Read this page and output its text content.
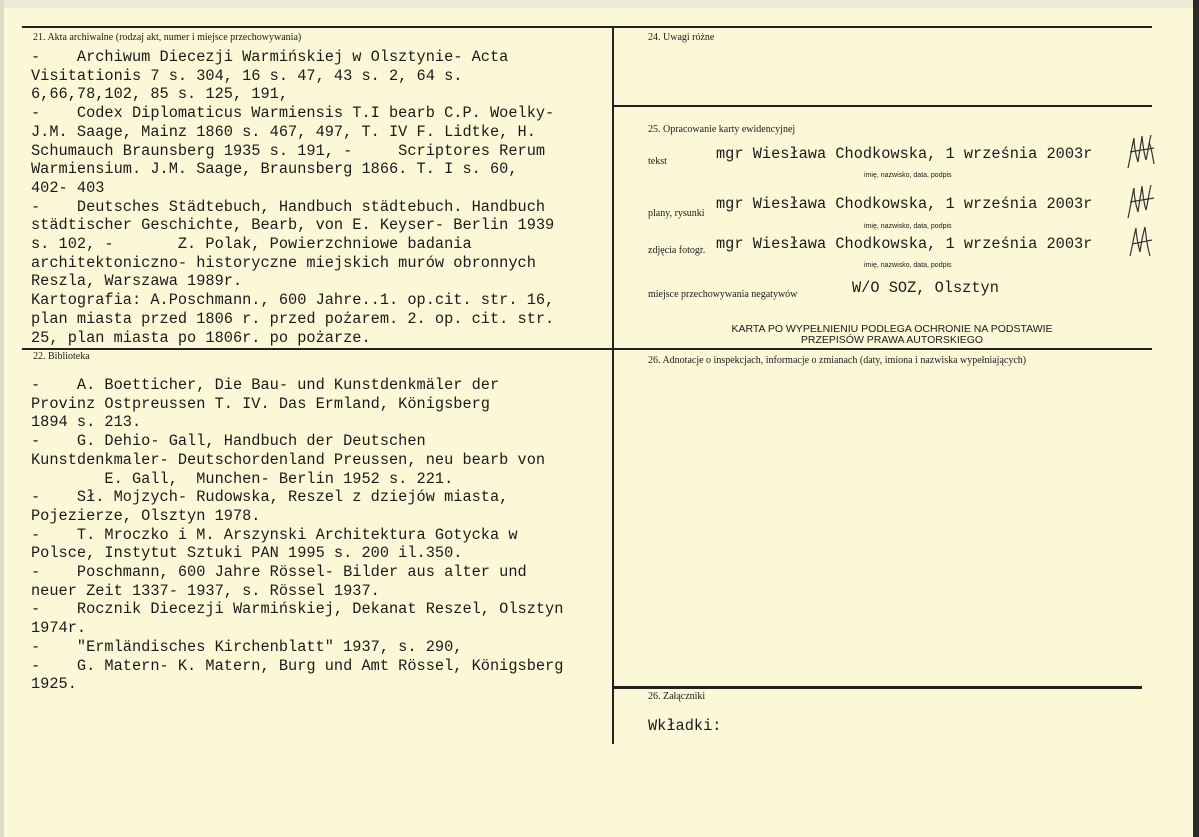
21. Akta archiwalne (rodzaj akt, numer i miejsce przechowywania)
-    Archiwum Diecezji Warmińskiej w Olsztynie- Acta
Visitationis 7 s. 304, 16 s. 47, 43 s. 2, 64 s.
6,66,78,102, 85 s. 125, 191,
-    Codex Diplomaticus Warmiensis T.I bearb C.P. Woelky-
J.M. Saage, Mainz 1860 s. 467, 497, T. IV F. Lidtke, H.
Schumauch Braunsberg 1935 s. 191, -     Scriptores Rerum
Warmiensium. J.M. Saage, Braunsberg 1866. T. I s. 60,
402- 403
-    Deutsches Städtebuch, Handbuch städtebuch. Handbuch
städtischer Geschichte, Bearb, von E. Keyser- Berlin 1939
s. 102, -       Z. Polak, Powierzchniowe badania
architektoniczno- historyczne miejskich murów obronnych
Reszla, Warszawa 1989r.
Kartografia: A.Poschmann., 600 Jahre..1. op.cit. str. 16,
plan miasta przed 1806 r. przed pożarem. 2. op. cit. str.
25, plan miasta po 1806r. po pożarze.
22. Biblioteka
-    A. Boetticher, Die Bau- und Kunstdenkmäler der
Provinz Ostpreussen T. IV. Das Ermland, Königsberg
1894 s. 213.
-    G. Dehio- Gall, Handbuch der Deutschen
Kunstdenkmaler- Deutschordenland Preussen, neu bearb von
E. Gall,  Munchen- Berlin 1952 s. 221.
-    Sł. Mojzych- Rudowska, Reszel z dziejów miasta,
Pojezierze, Olsztyn 1978.
-    T. Mroczko i M. Arszynski Architektura Gotycka w
Polsce, Instytut Sztuki PAN 1995 s. 200 il.350.
-    Poschmann, 600 Jahre Rössel- Bilder aus alter und
neuer Zeit 1337- 1937, s. Rössel 1937.
-    Rocznik Diecezji Warmińskiej, Dekanat Reszel, Olsztyn
1974r.
-    "Ermländisches Kirchenblatt" 1937, s. 290,
-    G. Matern- K. Matern, Burg und Amt Rössel, Königsberg
1925.
24. Uwagi różne
25. Opracowanie karty ewidencyjnej
tekst	mgr Wiesława Chodkowska, 1 września 2003r
imię, nazwisko, data, podpis
plany, rysunki
mgr Wiesława Chodkowska, 1 września 2003r
imię, nazwisko, data, podpis
zdjęcia fotogr. mgr Wiesława Chodkowska, 1 września 2003r
imię, nazwisko, data, podpis
miejsce przechowywania negatywów	W/O SOZ, Olsztyn
KARTA PO WYPEŁNIENIU PODLEGA OCHRONIE NA PODSTAWIE
PRZEPISÓW PRAWA AUTORSKIEGO
26. Adnotacje o inspekcjach, informacje o zmianach (daty, imiona i nazwiska wypełniających)
26. Załączniki
Wkładki:
